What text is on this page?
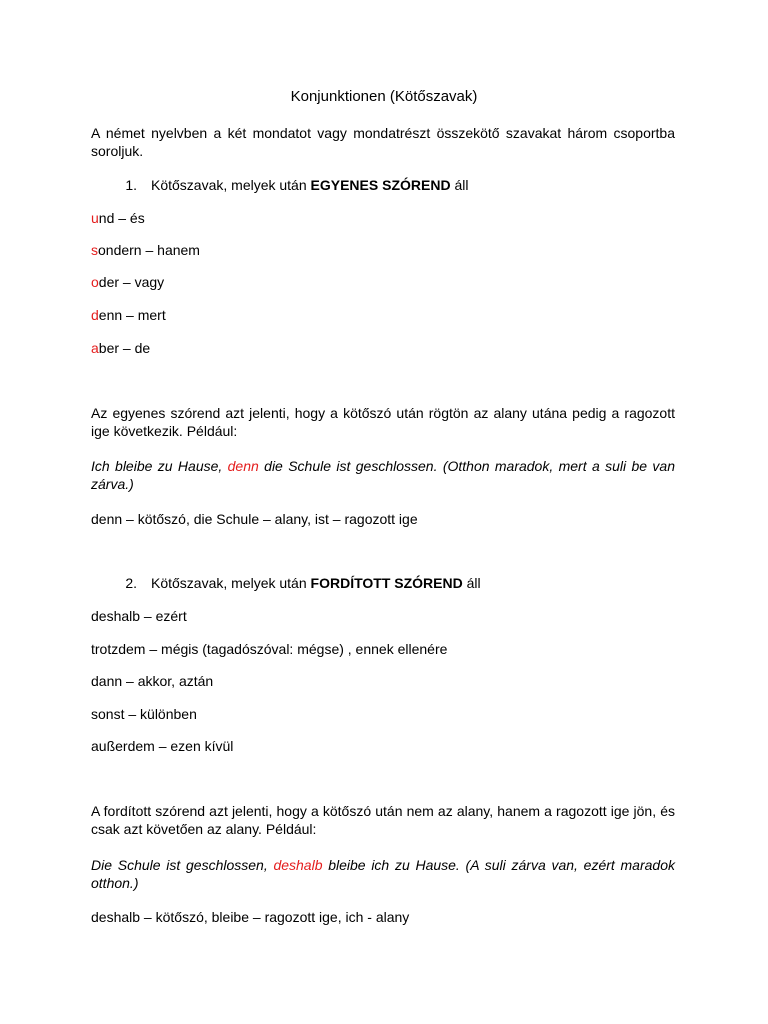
Konjunktionen (Kötőszavak)
A német nyelvben a két mondatot vagy mondatrészt összekötő szavakat három csoportba soroljuk.
1. Kötőszavak, melyek után EGYENES SZÓREND áll
und – és
sondern – hanem
oder – vagy
denn – mert
aber – de
Az egyenes szórend azt jelenti, hogy a kötőszó után rögtön az alany utána pedig a ragozott ige következik. Például:
Ich bleibe zu Hause, denn die Schule ist geschlossen. (Otthon maradok, mert a suli be van zárva.)
denn – kötőszó, die Schule – alany, ist – ragozott ige
2. Kötőszavak, melyek után FORDÍTOTT SZÓREND áll
deshalb – ezért
trotzdem – mégis (tagadószóval: mégse) , ennek ellenére
dann – akkor, aztán
sonst – különben
außerdem – ezen kívül
A fordított szórend azt jelenti, hogy a kötőszó után nem az alany, hanem a ragozott ige jön, és csak azt követően az alany. Például:
Die Schule ist geschlossen, deshalb bleibe ich zu Hause. (A suli zárva van, ezért maradok otthon.)
deshalb – kötőszó, bleibe – ragozott ige, ich - alany
